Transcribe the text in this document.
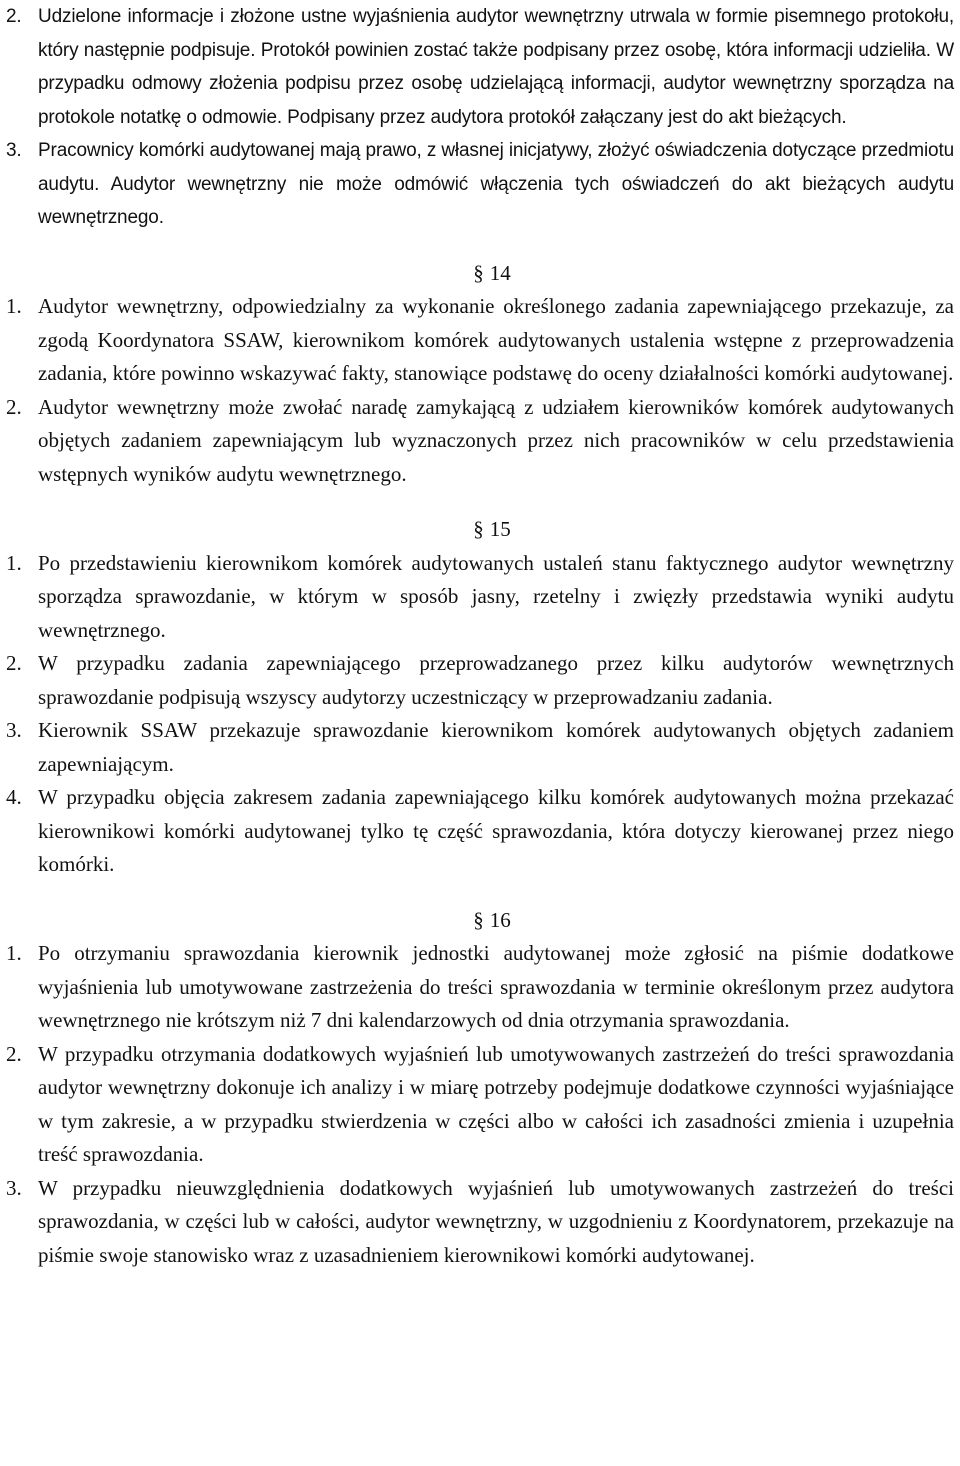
2. Udzielone informacje i złożone ustne wyjaśnienia audytor wewnętrzny utrwala w formie pisemnego protokołu, który następnie podpisuje. Protokół powinien zostać także podpisany przez osobę, która informacji udzieliła. W przypadku odmowy złożenia podpisu przez osobę udzielającą informacji, audytor wewnętrzny sporządza na protokole notatkę o odmowie. Podpisany przez audytora protokół załączany jest do akt bieżących.

3. Pracownicy komórki audytowanej mają prawo, z własnej inicjatywy, złożyć oświadczenia dotyczące przedmiotu audytu. Audytor wewnętrzny nie może odmówić włączenia tych oświadczeń do akt bieżących audytu wewnętrznego.

§ 14

1. Audytor wewnętrzny, odpowiedzialny za wykonanie określonego zadania zapewniającego przekazuje, za zgodą Koordynatora SSAW, kierownikom komórek audytowanych ustalenia wstępne z przeprowadzenia zadania, które powinno wskazywać fakty, stanowiące podstawę do oceny działalności komórki audytowanej.

2. Audytor wewnętrzny może zwołać naradę zamykającą z udziałem kierowników komórek audytowanych objętych zadaniem zapewniającym lub wyznaczonych przez nich pracowników w celu przedstawienia wstępnych wyników audytu wewnętrznego.

§ 15

1. Po przedstawieniu kierownikom komórek audytowanych ustaleń stanu faktycznego audytor wewnętrzny sporządza sprawozdanie, w którym w sposób jasny, rzetelny i zwięzły przedstawia wyniki audytu wewnętrznego.

2. W przypadku zadania zapewniającego przeprowadzanego przez kilku audytorów wewnętrznych sprawozdanie podpisują wszyscy audytorzy uczestniczący w przeprowadzaniu zadania.

3. Kierownik SSAW przekazuje sprawozdanie kierownikom komórek audytowanych objętych zadaniem zapewniającym.

4. W przypadku objęcia zakresem zadania zapewniającego kilku komórek audytowanych można przekazać kierownikowi komórki audytowanej tylko tę część sprawozdania, która dotyczy kierowanej przez niego komórki.

§ 16

1. Po otrzymaniu sprawozdania kierownik jednostki audytowanej może zgłosić na piśmie dodatkowe wyjaśnienia lub umotywowane zastrzeżenia do treści sprawozdania w terminie określonym przez audytora wewnętrznego nie krótszym niż 7 dni kalendarzowych od dnia otrzymania sprawozdania.

2. W przypadku otrzymania dodatkowych wyjaśnień lub umotywowanych zastrzeżeń do treści sprawozdania audytor wewnętrzny dokonuje ich analizy i w miarę potrzeby podejmuje dodatkowe czynności wyjaśniające w tym zakresie, a w przypadku stwierdzenia w części albo w całości ich zasadności zmienia i uzupełnia treść sprawozdania.

3. W przypadku nieuwzględnienia dodatkowych wyjaśnień lub umotywowanych zastrzeżeń do treści sprawozdania, w części lub w całości, audytor wewnętrzny, w uzgodnieniu z Koordynatorem, przekazuje na piśmie swoje stanowisko wraz z uzasadnieniem kierownikowi komórki audytowanej.
